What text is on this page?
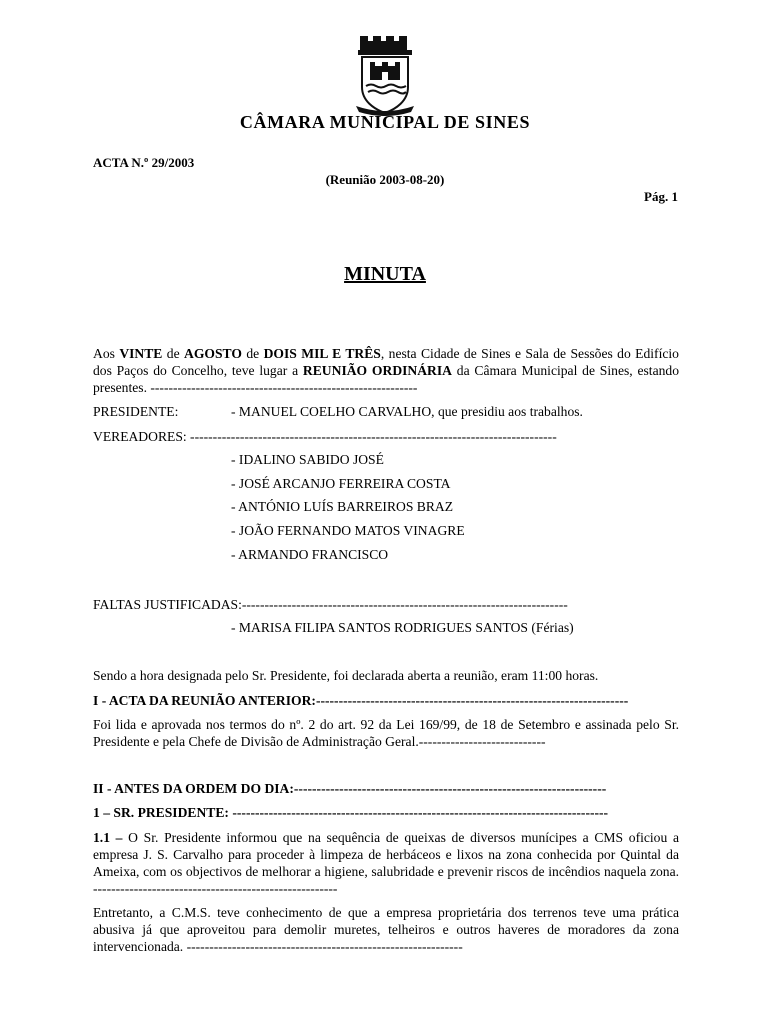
CÂMARA MUNICIPAL DE SINES
ACTA N.º 29/2003
(Reunião 2003-08-20)
Pág. 1
MINUTA
Aos VINTE de AGOSTO de DOIS MIL E TRÊS, nesta Cidade de Sines e Sala de Sessões do Edifício dos Paços do Concelho, teve lugar a REUNIÃO ORDINÁRIA da Câmara Municipal de Sines, estando presentes. -----------------------------------------------------------
PRESIDENTE:	- MANUEL COELHO CARVALHO, que presidiu aos trabalhos.
VEREADORES: ---------------------------------------------------------------------------------
- IDALINO SABIDO JOSÉ
- JOSÉ ARCANJO FERREIRA COSTA
- ANTÓNIO LUÍS BARREIROS BRAZ
- JOÃO FERNANDO MATOS VINAGRE
- ARMANDO FRANCISCO
FALTAS JUSTIFICADAS:------------------------------------------------------------------------
- MARISA FILIPA SANTOS RODRIGUES SANTOS (Férias)
Sendo a hora designada pelo Sr. Presidente, foi declarada aberta a reunião, eram 11:00 horas.
I - ACTA DA REUNIÃO ANTERIOR:---------------------------------------------------------------------
Foi lida e aprovada nos termos do nº. 2 do art. 92 da Lei 169/99, de 18 de Setembro e assinada pelo Sr. Presidente e pela Chefe de Divisão de Administração Geral.----------------------------
II - ANTES DA ORDEM DO DIA:---------------------------------------------------------------------
1 – SR. PRESIDENTE: -----------------------------------------------------------------------------------
1.1 – O Sr. Presidente informou que na sequência de queixas de diversos munícipes a CMS oficiou a empresa J. S. Carvalho para proceder à limpeza de herbáceos e lixos na zona conhecida por Quintal da Ameixa, com os objectivos de melhorar a higiene, salubridade e prevenir riscos de incêndios naquela zona. ------------------------------------------------------
Entretanto, a C.M.S. teve conhecimento de que a empresa proprietária dos terrenos teve uma prática abusiva já que aproveitou para demolir muretes, telheiros e outros haveres de moradores da zona intervencionada. -------------------------------------------------------------
